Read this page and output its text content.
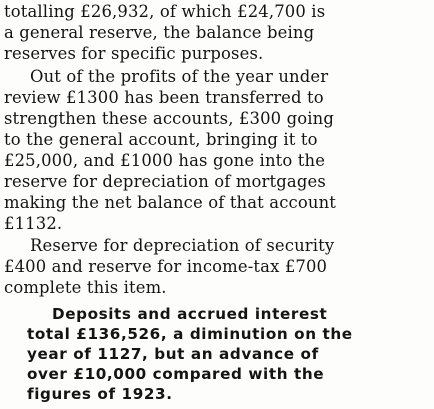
totalling £26,932, of which £24,700 is
a general reserve, the balance being
reserves for specific purposes.
Out of the profits of the year under
review £1300 has been transferred to
strengthen these accounts, £300 going
to the general account, bringing it to
£25,000, and £1000 has gone into the
reserve for depreciation of mortgages
making the net balance of that account
£1132.
Reserve for depreciation of security
£400 and reserve for income-tax £700
complete this item.
Deposits and accrued interest
total £136,526, a diminution on the
year of 1127, but an advance of
over £10,000 compared with the
figures of 1923.
